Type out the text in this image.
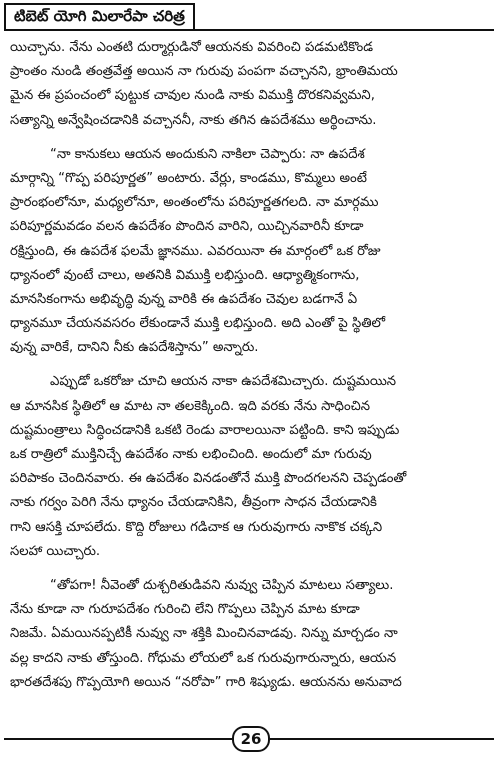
టిబెట్ యోగి మిలారేపా చరిత్ర
యిచ్చాను. నేను ఎంతటి దుర్మార్గుడినో ఆయనకు వివరించి పడమటికొండ
ప్రాంతం నుండి తంత్రవేత్త అయిన నా గురువు పంపగా వచ్చానని, భ్రాంతిమయ
మైన ఈ ప్రపంచంలో పుట్టుక చావుల నుండి నాకు విముక్తి దొరకనివ్వమని,
సత్యాన్ని అన్వేషించడానికి వచ్చాననీ, నాకు తగిన ఉపదేశము అర్థించాను.
“నా కానుకలు ఆయన అందుకుని నాకిలా చెప్పారు: నా ఉపదేశ
మార్గాన్ని “గొప్ప పరిపూర్ణత” అంటారు. వేర్లు, కాండము, కొమ్మలు అంటే
ప్రారంభంలోనూ, మధ్యలోనూ, అంతంలోను పరిపూర్ణతగలది. నా మార్గము
పరిపూర్ణమవడం వలన ఉపదేశం పొందిన వారిని, యిచ్చినవారినీ కూడా
రక్షిస్తుంది, ఈ ఉపదేశ ఫలమే జ్ఞానము. ఎవరయినా ఈ మార్గంలో ఒక రోజు
ధ్యానంలో వుంటే చాలు, అతనికి విముక్తి లభిస్తుంది. ఆధ్యాత్మికంగాను,
మానసికంగాను అభివృద్ధి వున్న వారికి ఈ ఉపదేశం చెవుల బడగానే ఏ
ధ్యానమూ చేయనవసరం లేకుండానే ముక్తి లభిస్తుంది. అది ఎంతో పై స్థితిలో
వున్న వారికే, దానిని నీకు ఉపదేశిస్తాను” అన్నారు.
ఎప్పుడో ఒకరోజు చూచి ఆయన నాకా ఉపదేశమిచ్చారు. దుష్టమయిన
ఆ మానసిక స్థితిలో ఆ మాట నా తలకెక్కింది. ఇది వరకు నేను సాధించిన
దుష్టమంత్రాలు సిద్ధించడానికి ఒకటి రెండు వారాలయినా పట్టింది. కాని ఇప్పుడు
ఒక రాత్రిలో ముక్తినిచ్చే ఉపదేశం నాకు లభించింది. అందులో మా గురువు
పరిపాకం చెందినవారు. ఈ ఉపదేశం వినడంతోనే ముక్తి పొందగలనని చెప్పడంతో
నాకు గర్వం పెరిగి నేను ధ్యానం చేయడానికిని, తీవ్రంగా సాధన చేయడానికి
గాని ఆసక్తి చూపలేదు. కొద్ది రోజులు గడిచాక ఆ గురువుగారు నాకొక చక్కని
సలహా యిచ్చారు.
“తోపగా! నీవెంతో దుశ్చరితుడివని నువ్వు చెప్పిన మాటలు సత్యాలు.
నేను కూడా నా గురూపదేశం గురించి లేని గొప్పలు చెప్పిన మాట కూడా
నిజమే. ఏమయినప్పటికీ నువ్వు నా శక్తికి మించినవాడవు. నిన్ను మార్చడం నా
వల్ల కాదని నాకు తోస్తుంది. గోధుమ లోయలో ఒక గురువుగారున్నారు, ఆయన
భారతదేశపు గొప్పయోగి అయిన “నరోపా” గారి శిష్యుడు. ఆయనను అనువాద
26
